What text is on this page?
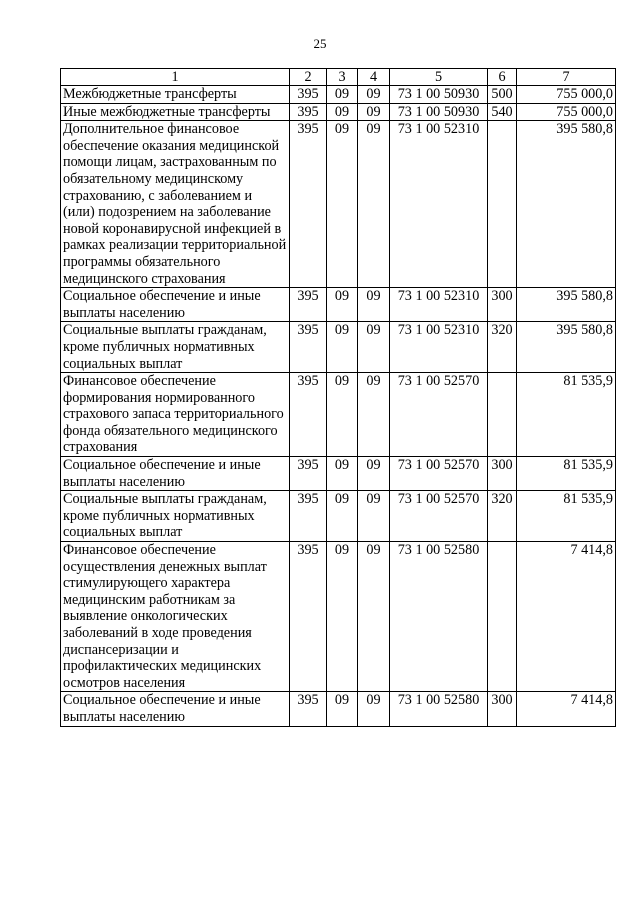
25
1	2	3	4	5	6	7
Межбюджетные трансферты	395	09	09	73 1 00 50930	500	755 000,0
Иные межбюджетные трансферты	395	09	09	73 1 00 50930	540	755 000,0
Дополнительное финансовое обеспечение оказания медицинской помощи лицам, застрахованным по обязательному медицинскому страхованию, с заболеванием и (или) подозрением на заболевание новой коронавирусной инфекцией в рамках реализации территориальной программы обязательного медицинского страхования	395	09	09	73 1 00 52310		395 580,8
Социальное обеспечение и иные выплаты населению	395	09	09	73 1 00 52310	300	395 580,8
Социальные выплаты гражданам, кроме публичных нормативных социальных выплат	395	09	09	73 1 00 52310	320	395 580,8
Финансовое обеспечение формирования нормированного страхового запаса территориального фонда обязательного медицинского страхования	395	09	09	73 1 00 52570		81 535,9
Социальное обеспечение и иные выплаты населению	395	09	09	73 1 00 52570	300	81 535,9
Социальные выплаты гражданам, кроме публичных нормативных социальных выплат	395	09	09	73 1 00 52570	320	81 535,9
Финансовое обеспечение осуществления денежных выплат стимулирующего характера медицинским работникам за выявление онкологических заболеваний в ходе проведения диспансеризации и профилактических медицинских осмотров населения	395	09	09	73 1 00 52580		7 414,8
Социальное обеспечение и иные выплаты населению	395	09	09	73 1 00 52580	300	7 414,8
